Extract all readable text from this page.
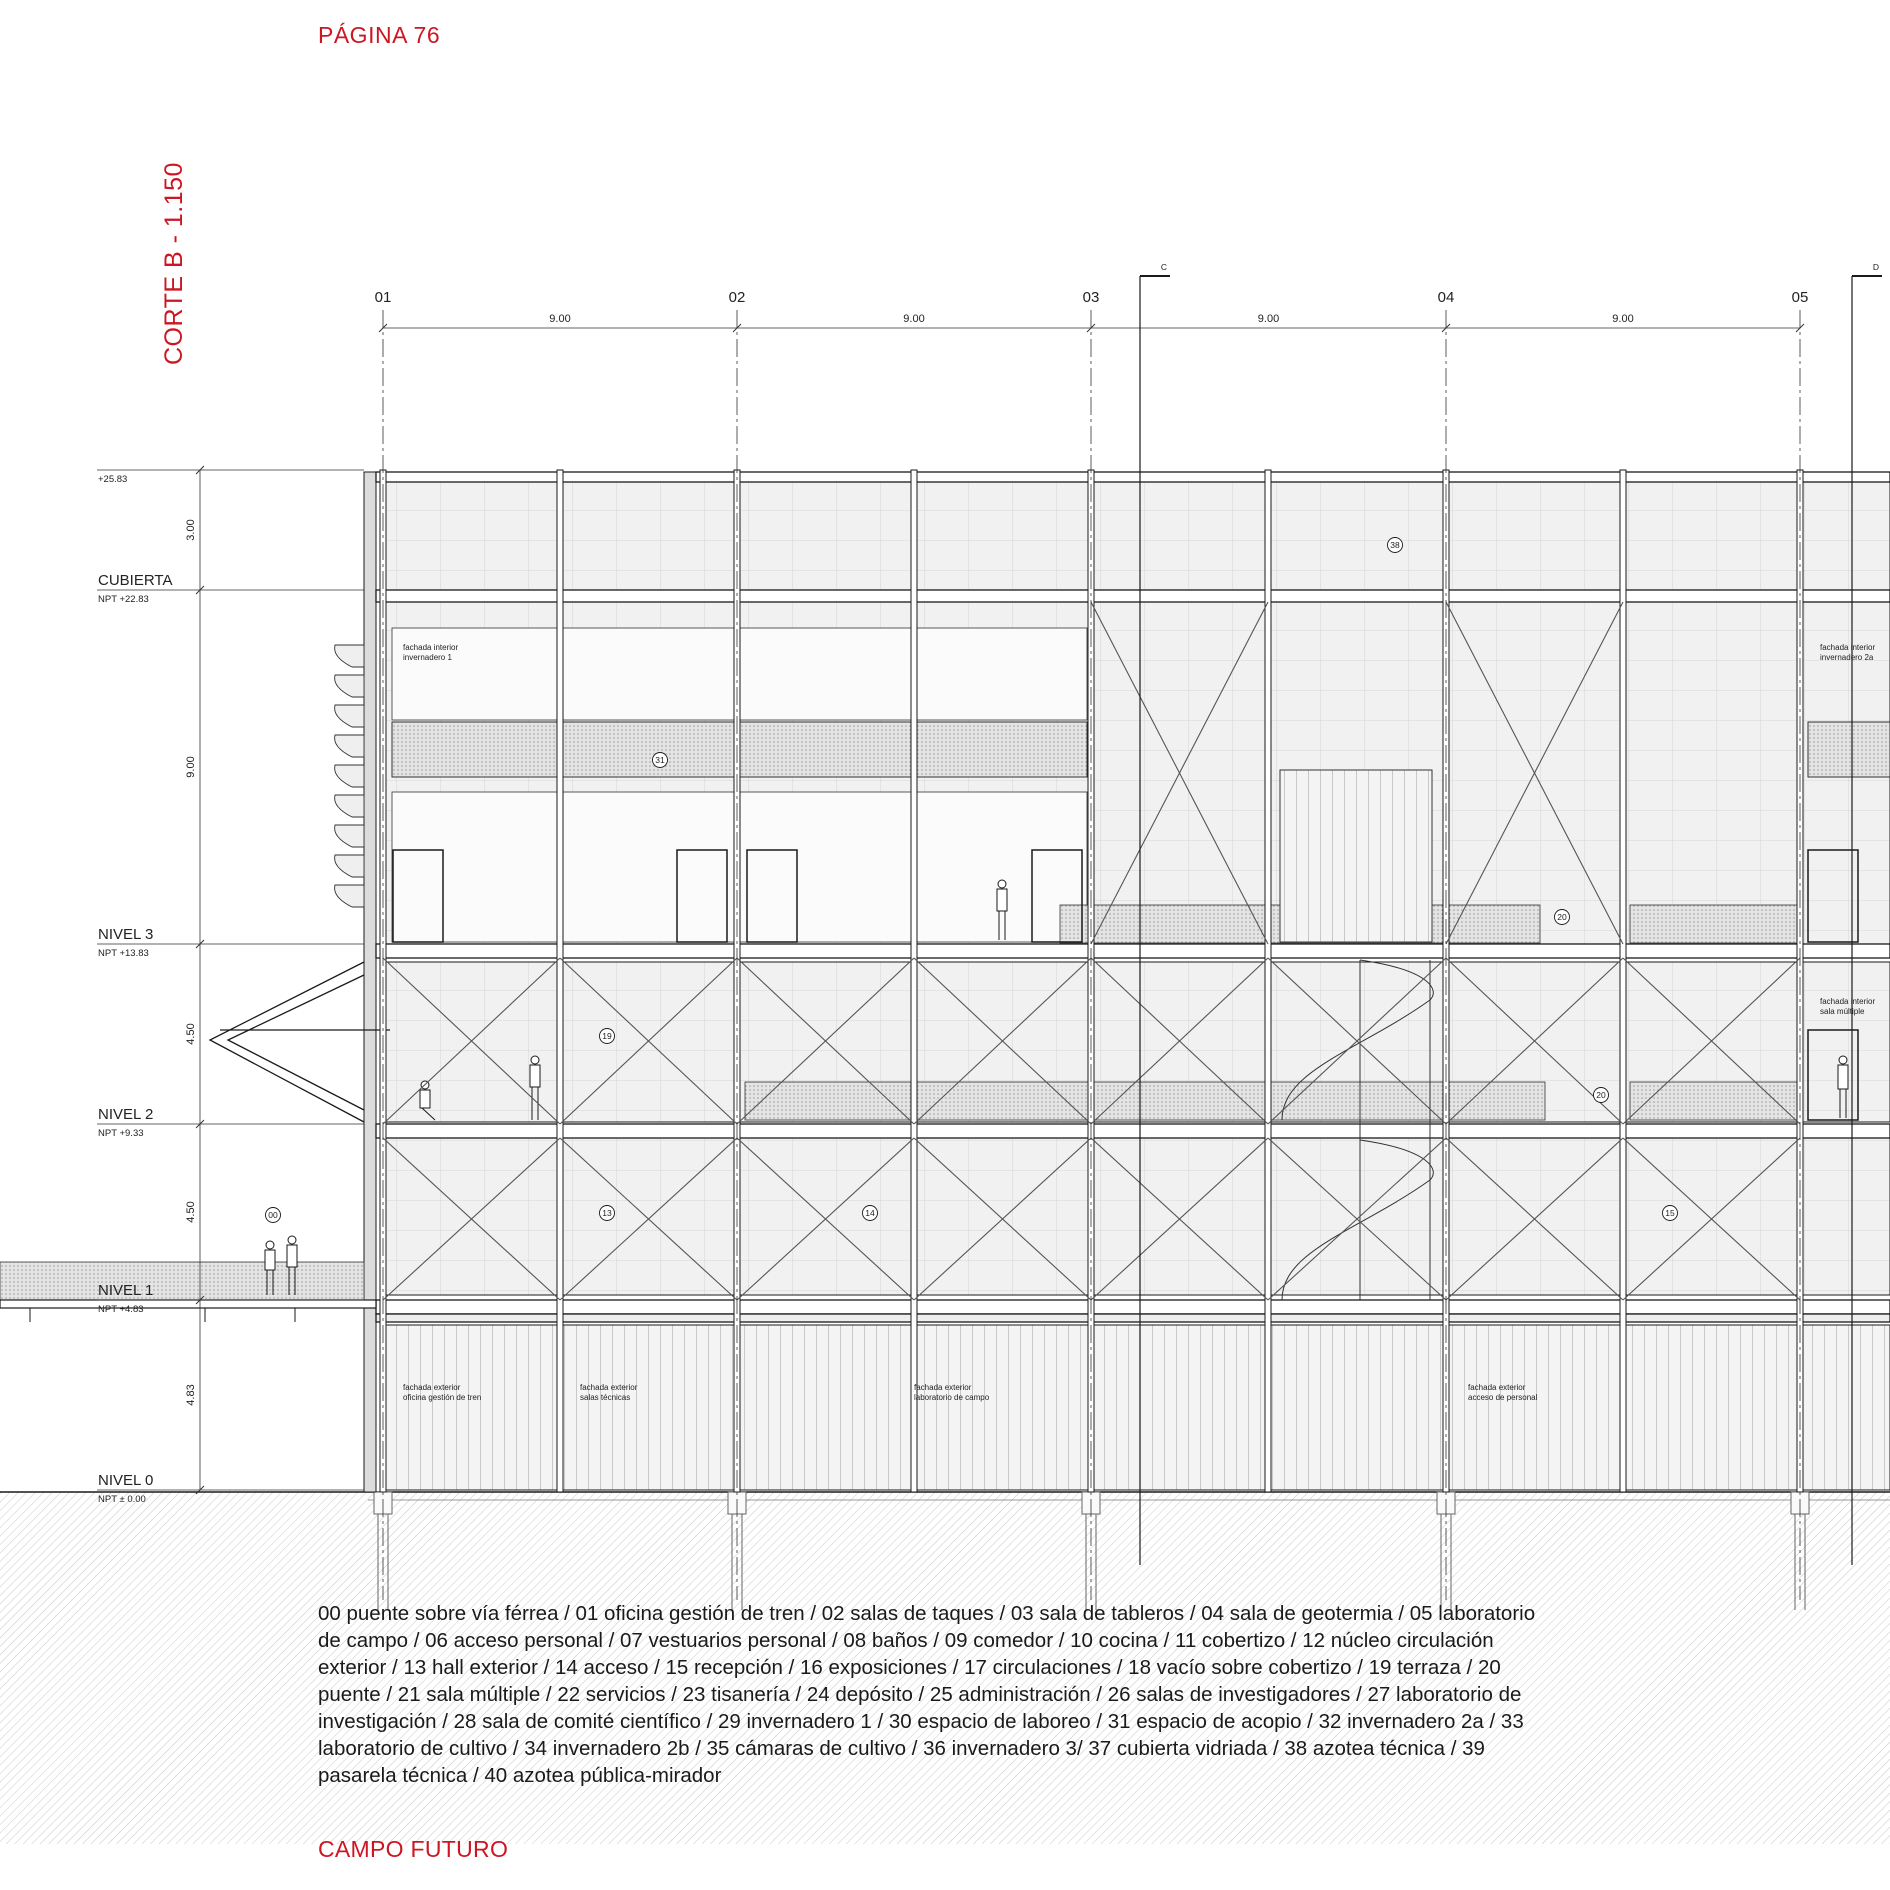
PÁGINA 76
CORTE B - 1.150	01	02	03	04	05
9.00	9.00	9.00	9.00
C	D
+25.83
CUBIERTA
NPT +22.83
NIVEL 3
NPT +13.83
NIVEL 2
NPT +9.33
NIVEL 1
NPT +4.83
NIVEL 0
NPT ± 0.00
3.00
9.00
4.50
4.50
4.83
38
31
20
19
20
13	14	15
00
fachada interior
invernadero 1
fachada interior
invernadero 2a
fachada interior
sala múltiple
fachada exterior
oficina gestión de tren
fachada exterior
salas técnicas
fachada exterior
laboratorio de campo
fachada exterior
acceso de personal
00 puente sobre vía férrea / 01 oficina gestión de tren / 02 salas de taques / 03 sala de tableros / 04 sala de geotermia / 05 laboratorio de campo / 06 acceso personal / 07 vestuarios personal / 08 baños / 09 comedor / 10 cocina / 11 cobertizo / 12 núcleo circulación exterior / 13 hall exterior / 14 acceso / 15 recepción / 16 exposiciones / 17 circulaciones / 18 vacío sobre cobertizo / 19 terraza / 20 puente / 21 sala múltiple / 22 servicios / 23 tisanería / 24 depósito / 25 administración / 26 salas de investigadores / 27 laboratorio de investigación / 28 sala de comité científico / 29 invernadero 1 / 30 espacio de laboreo / 31 espacio de acopio / 32 invernadero 2a / 33 laboratorio de cultivo / 34 invernadero 2b / 35 cámaras de cultivo / 36 invernadero 3/ 37 cubierta vidriada / 38 azotea técnica / 39 pasarela técnica / 40 azotea pública-mirador
CAMPO FUTURO
